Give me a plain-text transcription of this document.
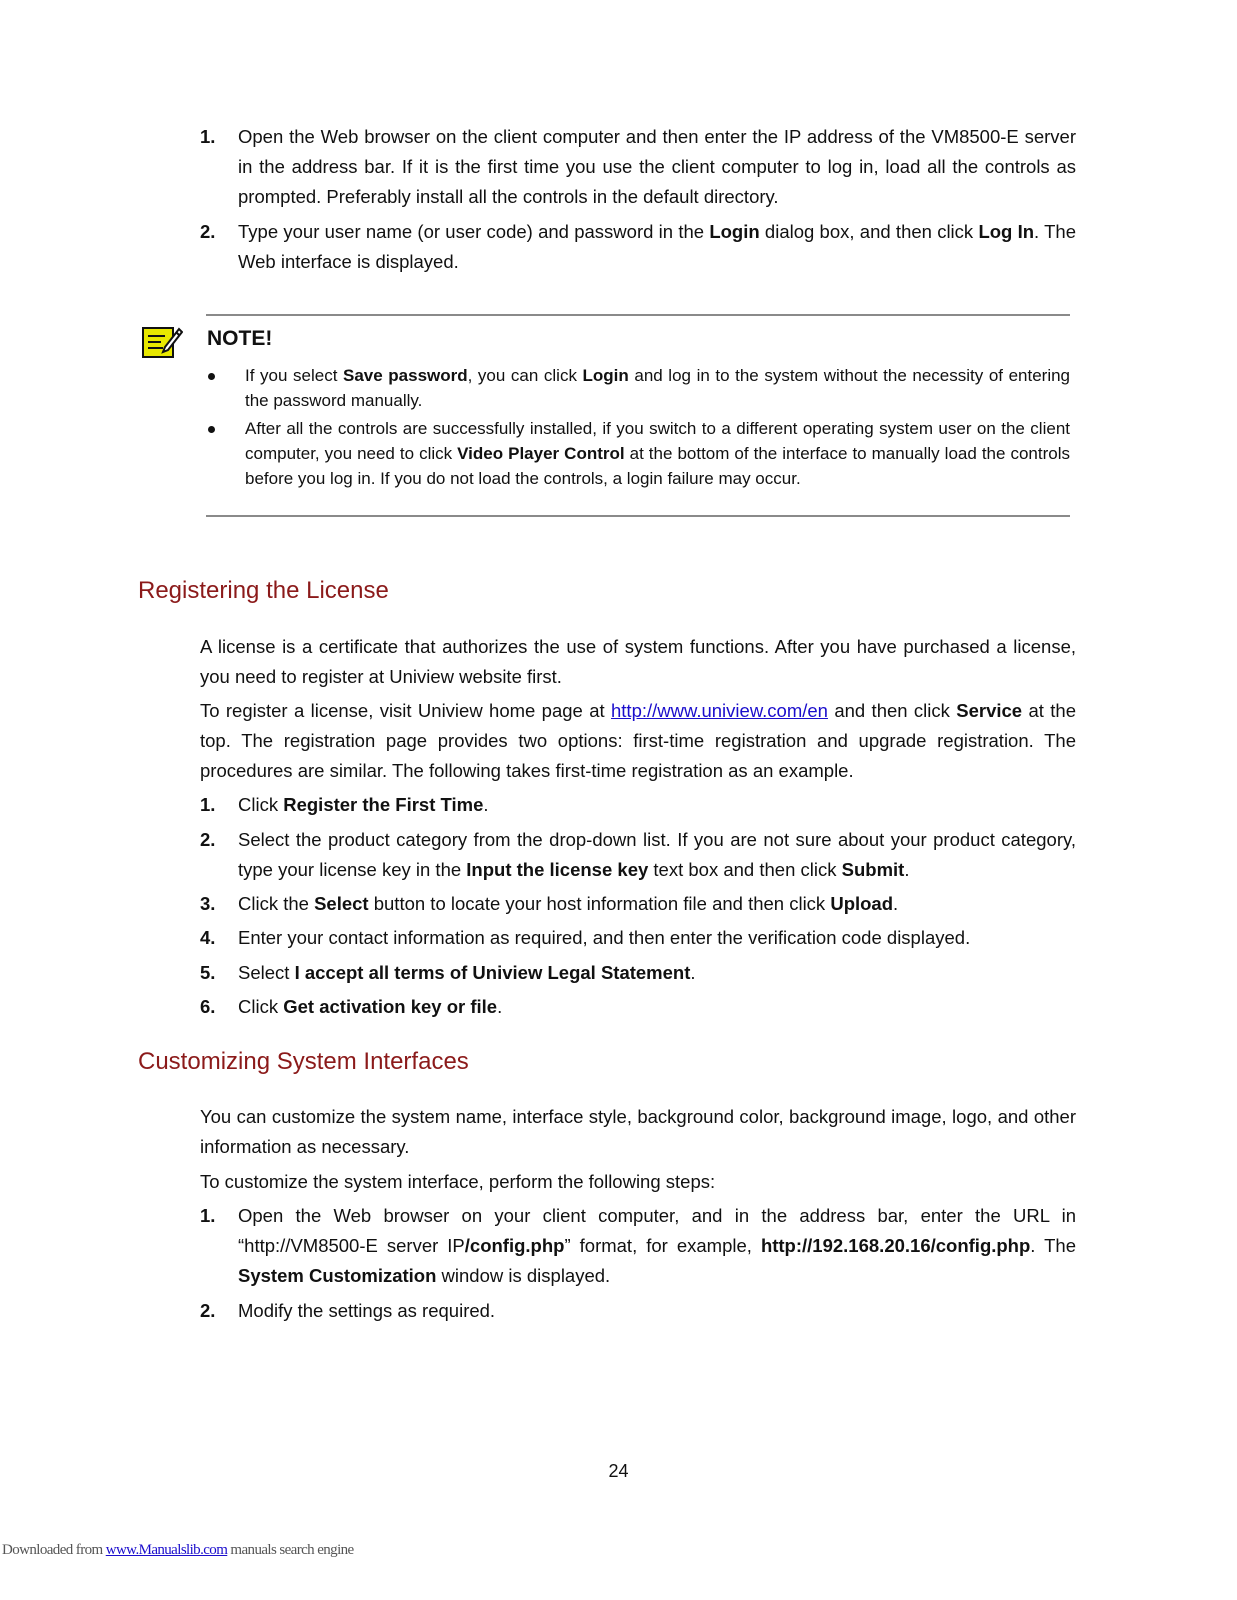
1. Open the Web browser on the client computer and then enter the IP address of the VM8500-E server in the address bar. If it is the first time you use the client computer to log in, load all the controls as prompted. Preferably install all the controls in the default directory.
2. Type your user name (or user code) and password in the Login dialog box, and then click Log In. The Web interface is displayed.
NOTE!
If you select Save password, you can click Login and log in to the system without the necessity of entering the password manually.
After all the controls are successfully installed, if you switch to a different operating system user on the client computer, you need to click Video Player Control at the bottom of the interface to manually load the controls before you log in. If you do not load the controls, a login failure may occur.
Registering the License
A license is a certificate that authorizes the use of system functions. After you have purchased a license, you need to register at Uniview website first.
To register a license, visit Uniview home page at http://www.uniview.com/en and then click Service at the top. The registration page provides two options: first-time registration and upgrade registration. The procedures are similar. The following takes first-time registration as an example.
1. Click Register the First Time.
2. Select the product category from the drop-down list. If you are not sure about your product category, type your license key in the Input the license key text box and then click Submit.
3. Click the Select button to locate your host information file and then click Upload.
4. Enter your contact information as required, and then enter the verification code displayed.
5. Select I accept all terms of Uniview Legal Statement.
6. Click Get activation key or file.
Customizing System Interfaces
You can customize the system name, interface style, background color, background image, logo, and other information as necessary.
To customize the system interface, perform the following steps:
1. Open the Web browser on your client computer, and in the address bar, enter the URL in “http://VM8500-E server IP/config.php” format, for example, http://192.168.20.16/config.php. The System Customization window is displayed.
2. Modify the settings as required.
24
Downloaded from www.Manualslib.com manuals search engine
